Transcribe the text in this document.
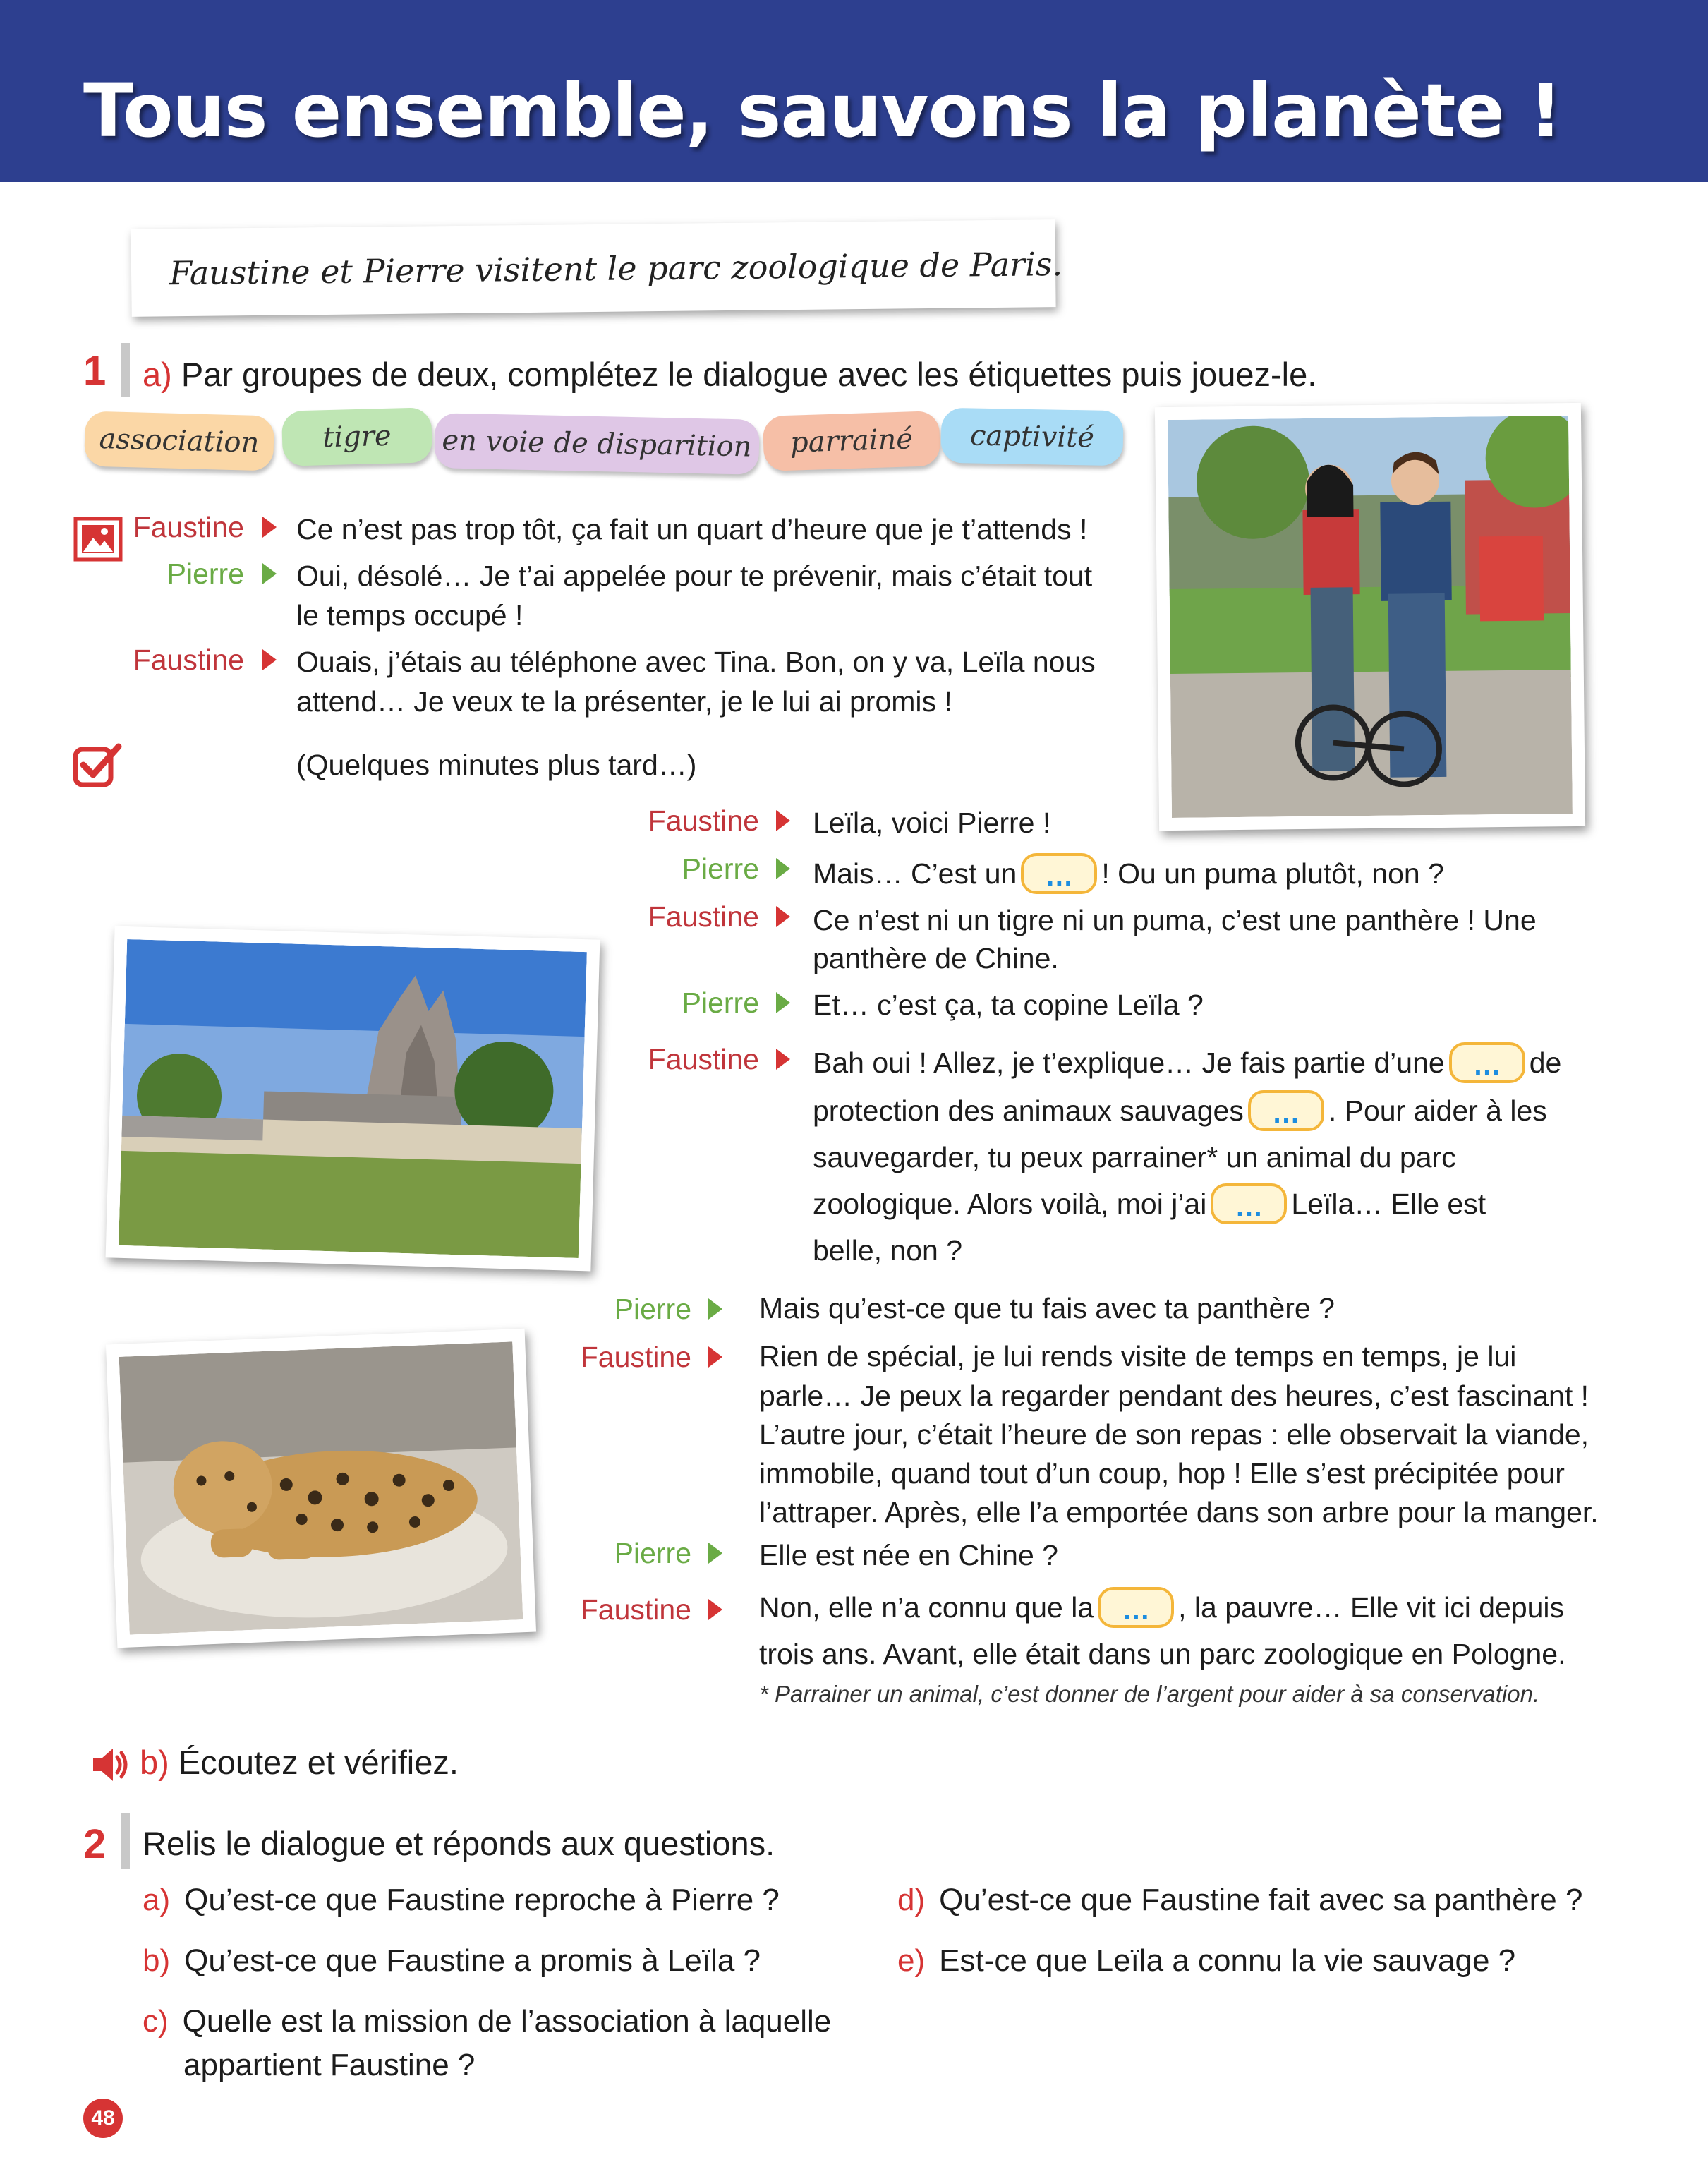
Tous ensemble, sauvons la planète !
Faustine et Pierre visitent le parc zoologique de Paris.
1 a) Par groupes de deux, complétez le dialogue avec les étiquettes puis jouez-le.
association	tigre	en voie de disparition	parrainé	captivité
Faustine Ce n’est pas trop tôt, ça fait un quart d’heure que je t’attends !
Pierre Oui, désolé… Je t’ai appelée pour te prévenir, mais c’était tout
le temps occupé !
Faustine Ouais, j’étais au téléphone avec Tina. Bon, on y va, Leïla nous
attend… Je veux te la présenter, je le lui ai promis !
(Quelques minutes plus tard…)
Faustine Leïla, voici Pierre !
Pierre Mais… C’est un … ! Ou un puma plutôt, non ?
Faustine Ce n’est ni un tigre ni un puma, c’est une panthère ! Une
panthère de Chine.
Pierre Et… c’est ça, ta copine Leïla ?
Faustine Bah oui ! Allez, je t’explique… Je fais partie d’une … de
protection des animaux sauvages … . Pour aider à les
sauvegarder, tu peux parrainer* un animal du parc
zoologique. Alors voilà, moi j’ai … Leïla… Elle est
belle, non ?
Pierre Mais qu’est-ce que tu fais avec ta panthère ?
Faustine Rien de spécial, je lui rends visite de temps en temps, je lui
parle… Je peux la regarder pendant des heures, c’est fascinant !
L’autre jour, c’était l’heure de son repas : elle observait la viande,
immobile, quand tout d’un coup, hop ! Elle s’est précipitée pour
l’attraper. Après, elle l’a emportée dans son arbre pour la manger.
Pierre Elle est née en Chine ?
Faustine Non, elle n’a connu que la … , la pauvre… Elle vit ici depuis
trois ans. Avant, elle était dans un parc zoologique en Pologne.
* Parrainer un animal, c’est donner de l’argent pour aider à sa conservation.
b) Écoutez et vérifiez.
2 Relis le dialogue et réponds aux questions.
a) Qu’est-ce que Faustine reproche à Pierre ?
b) Qu’est-ce que Faustine a promis à Leïla ?
c) Quelle est la mission de l’association à laquelle
appartient Faustine ?
d) Qu’est-ce que Faustine fait avec sa panthère ?
e) Est-ce que Leïla a connu la vie sauvage ?
48
